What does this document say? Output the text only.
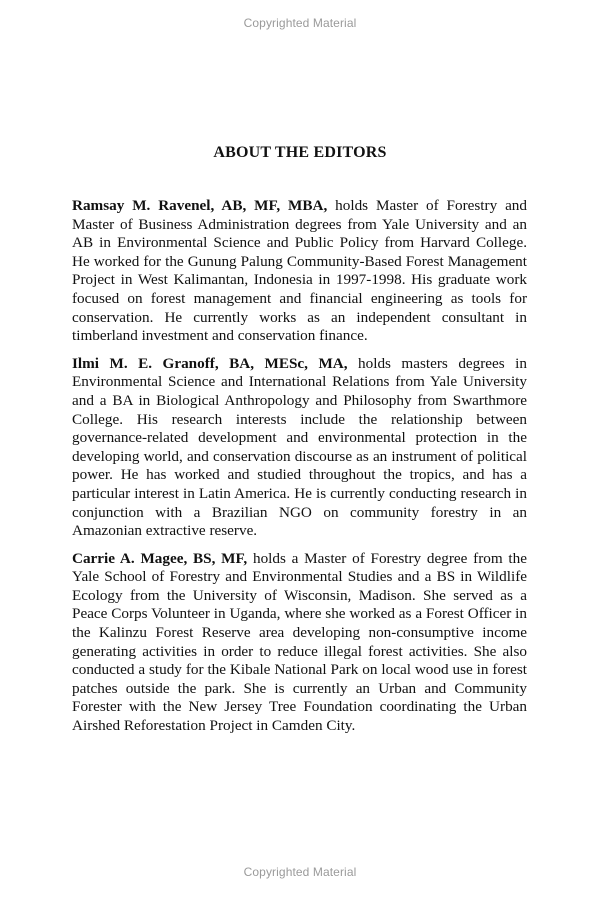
Copyrighted Material
ABOUT THE EDITORS

Ramsay M. Ravenel, AB, MF, MBA, holds Master of Forestry and Master of Business Administration degrees from Yale University and an AB in Environmental Science and Public Policy from Harvard College. He worked for the Gunung Palung Community-Based Forest Management Project in West Kalimantan, Indonesia in 1997-1998. His graduate work focused on forest management and financial engineering as tools for conservation. He currently works as an independent consultant in timberland investment and conservation finance.

Ilmi M. E. Granoff, BA, MESc, MA, holds masters degrees in Environmental Science and International Relations from Yale University and a BA in Biological Anthropology and Philosophy from Swarthmore College. His research interests include the relationship between governance-related development and environmental protection in the developing world, and conservation discourse as an instrument of political power. He has worked and studied throughout the tropics, and has a particular interest in Latin America. He is currently conducting research in conjunction with a Brazilian NGO on community forestry in an Amazonian extractive reserve.

Carrie A. Magee, BS, MF, holds a Master of Forestry degree from the Yale School of Forestry and Environmental Studies and a BS in Wildlife Ecology from the University of Wisconsin, Madison. She served as a Peace Corps Volunteer in Uganda, where she worked as a Forest Officer in the Kalinzu Forest Reserve area developing non-consumptive income generating activities in order to reduce illegal forest activities. She also conducted a study for the Kibale National Park on local wood use in forest patches outside the park. She is currently an Urban and Community Forester with the New Jersey Tree Foundation coordinating the Urban Airshed Reforestation Project in Camden City.

Copyrighted Material
